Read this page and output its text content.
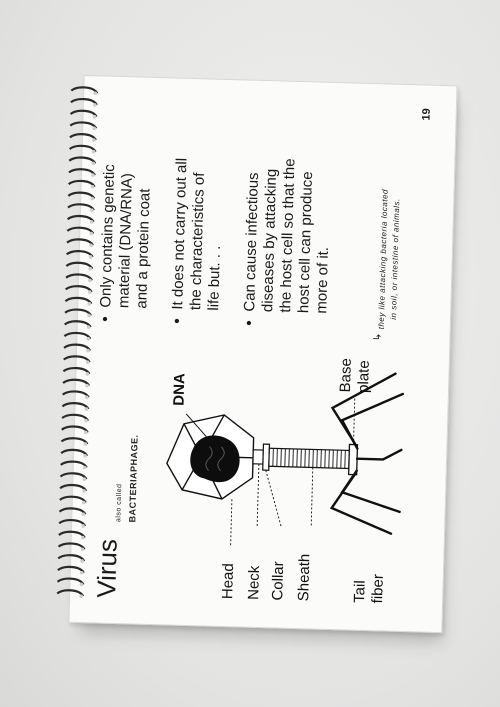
Virus
also called BACTERIAPHAGE.
DNA
Head Neck Collar Sheath	Tail fiber
Base plate
•
Only contains genetic
material (DNA/RNA)
and a protein coat
•
It does not carry out all
the characteristics of
life but. . .
•
Can cause infectious
diseases by attacking
the host cell so that the
host cell can produce
more of it.	they like attacking bacteria located in soil, or intestine of animals.
↳
19
